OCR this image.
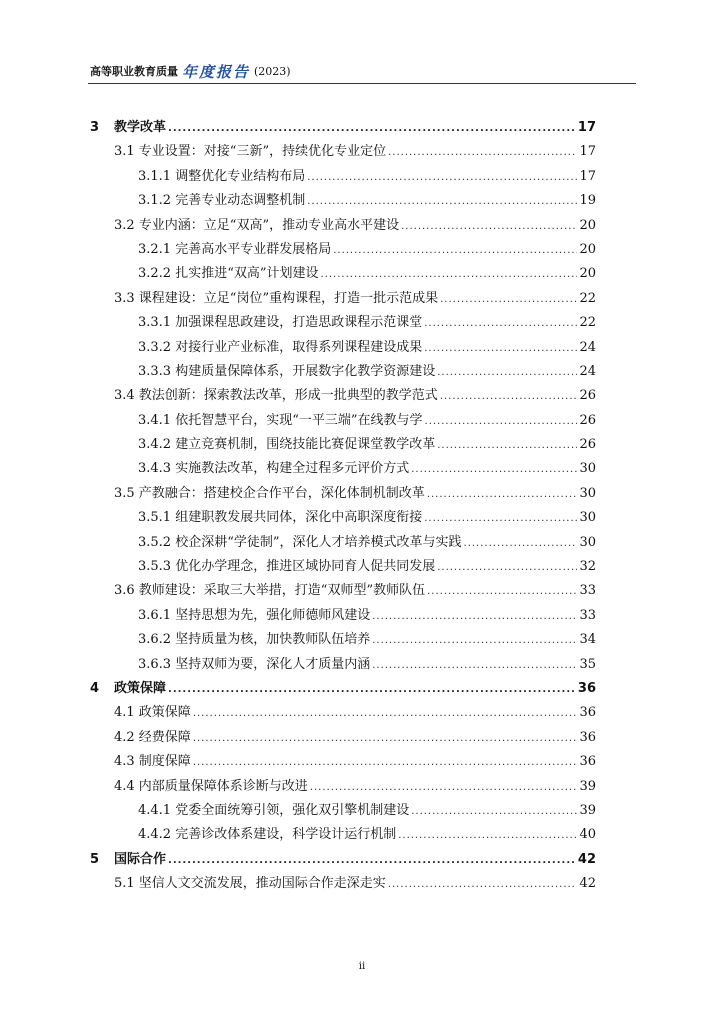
高等职业教育质量 年度报告 (2023)
3	教学改革 .....	17
3.1 专业设置：对接“三新”，持续优化专业定位 .....	17
3.1.1 调整优化专业结构布局 .....	17
3.1.2 完善专业动态调整机制 .....	19
3.2 专业内涵：立足“双高”，推动专业高水平建设 .....	20
3.2.1 完善高水平专业群发展格局 .....	20
3.2.2 扎实推进“双高”计划建设 .....	20
3.3 课程建设：立足“岗位”重构课程，打造一批示范成果 .....	22
3.3.1 加强课程思政建设，打造思政课程示范课堂 .....	22
3.3.2 对接行业产业标准，取得系列课程建设成果 .....	24
3.3.3 构建质量保障体系，开展数字化教学资源建设 .....	24
3.4 教法创新：探索教法改革，形成一批典型的教学范式 .....	26
3.4.1 依托智慧平台，实现“一平三端”在线教与学 .....	26
3.4.2 建立竞赛机制，围绕技能比赛促课堂教学改革 .....	26
3.4.3 实施教法改革，构建全过程多元评价方式 .....	30
3.5 产教融合：搭建校企合作平台，深化体制机制改革 .....	30
3.5.1 组建职教发展共同体，深化中高职深度衔接 .....	30
3.5.2 校企深耕“学徒制”，深化人才培养模式改革与实践 .....	30
3.5.3 优化办学理念，推进区域协同育人促共同发展 .....	32
3.6 教师建设：采取三大举措，打造“双师型”教师队伍 .....	33
3.6.1 坚持思想为先，强化师德师风建设 .....	33
3.6.2 坚持质量为核，加快教师队伍培养 .....	34
3.6.3 坚持双师为要，深化人才质量内涵 .....	35
4	政策保障 .....	36
4.1 政策保障 .....	36
4.2 经费保障 .....	36
4.3 制度保障 .....	36
4.4 内部质量保障体系诊断与改进 .....	39
4.4.1 党委全面统筹引领，强化双引擎机制建设 .....	39
4.4.2 完善诊改体系建设，科学设计运行机制 .....	40
5	国际合作 .....	42
5.1 坚信人文交流发展，推动国际合作走深走实 .....	42
ii
